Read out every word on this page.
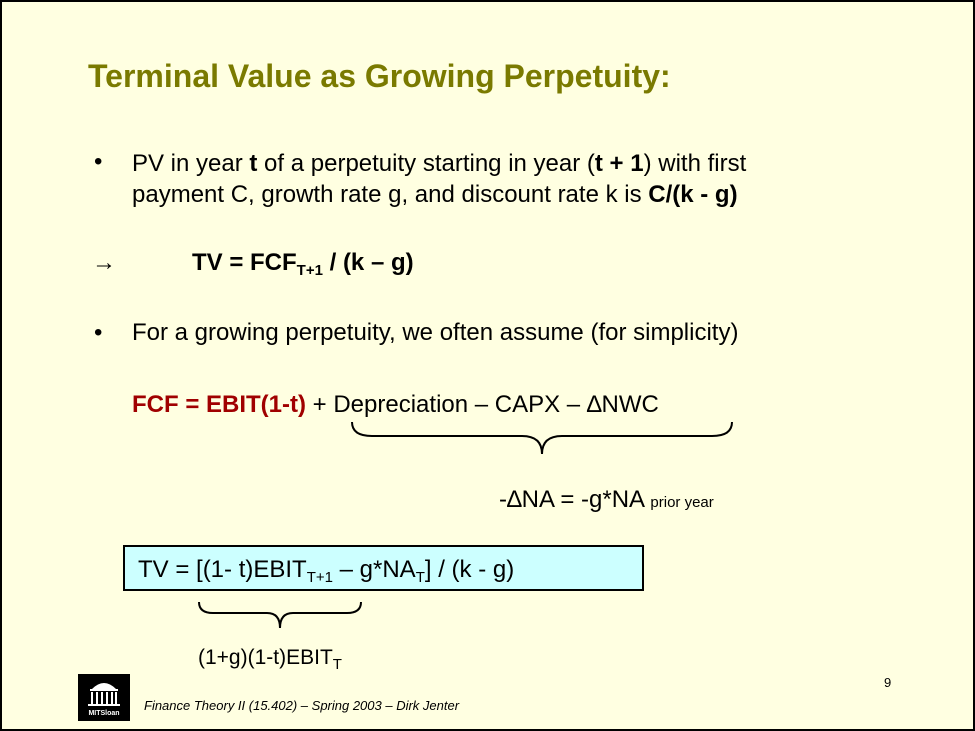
Terminal Value as Growing Perpetuity:
• PV in year t of a perpetuity starting in year (t + 1) with first
payment C, growth rate g, and discount rate k is C/(k - g)
→	TV = $FCF_{T+1} / (k - g)$
• For a growing perpetuity, we often assume (for simplicity)
FCF = EBIT(1-t) + Depreciation – CAPX – ∆NWC
-∆NA = -g*NA prior year
TV = [(1- $t)EBIT_{T+1} - g*NA_T] / (k - g)$
$(1+g)(1-t)EBIT_T$
9
MITSloan
Finance Theory II (15.402) – Spring 2003 – Dirk Jenter
